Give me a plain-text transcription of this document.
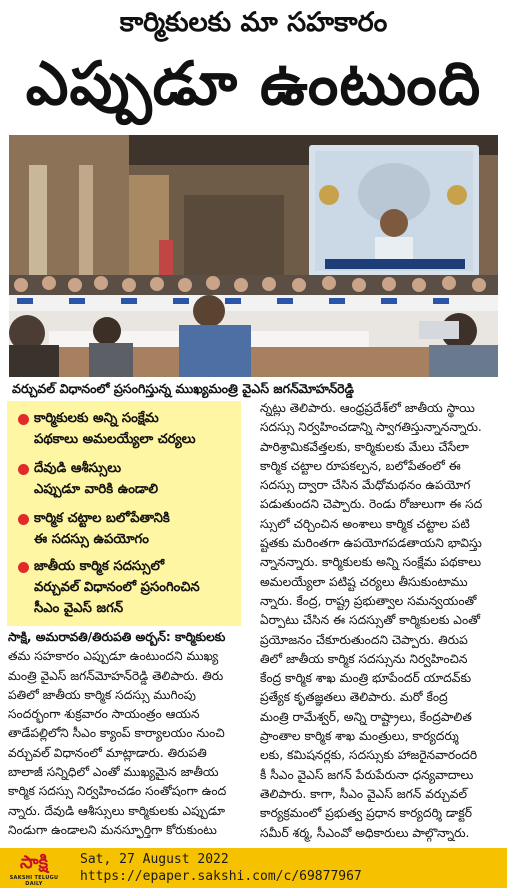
కార్మికులకు మా సహకారం
ఎప్పుడూ ఉంటుంది
వర్చువల్ విధానంలో ప్రసంగిస్తున్న ముఖ్యమంత్రి వైఎస్ జగన్‌మోహన్‌రెడ్డి
కార్మికులకు అన్ని సంక్షేమ
పథకాలు అమలయ్యేలా చర్యలు
దేవుడి ఆశీస్సులు
ఎప్పుడూ వారికి ఉండాలి
కార్మిక చట్టాల బలోపేతానికి
ఈ సదస్సు ఉపయోగం
జాతీయ కార్మిక సదస్సులో
వర్చువల్ విధానంలో ప్రసంగించిన
సీఎం వైఎస్ జగన్
సాక్షి, అమరావతి/తిరుపతి అర్బన్: కార్మికులకు
తమ సహకారం ఎప్పుడూ ఉంటుందని ముఖ్య
మంత్రి వైఎస్ జగన్‌మోహన్‌రెడ్డి తెలిపారు. తిరు
పతిలో జాతీయ కార్మిక సదస్సు ముగింపు
సందర్భంగా శుక్రవారం సాయంత్రం ఆయన
తాడేపల్లిలోని సీఎం క్యాంప్ కార్యాలయం నుంచి
వర్చువల్ విధానంలో మాట్లాడారు. తిరుపతి
బాలాజీ సన్నిధిలో ఎంతో ముఖ్యమైన జాతీయ
కార్మిక సదస్సు నిర్వహించడం సంతోషంగా ఉంద
న్నారు. దేవుడి ఆశీస్సులు కార్మికులకు ఎప్పుడూ
నిండుగా ఉండాలని మనస్ఫూర్తిగా కోరుకుంటు
న్నట్లు తెలిపారు. ఆంధ్రప్రదేశ్‌లో జాతీయ స్థాయి
సదస్సు నిర్వహించడాన్ని స్వాగతిస్తున్నానన్నారు.
పారిశ్రామికవేత్తలకు, కార్మికులకు మేలు చేసేలా
కార్మిక చట్టాల రూపకల్పన, బలోపేతంలో ఈ
సదస్సు ద్వారా చేసిన మేధోమథనం ఉపయోగ
పడుతుందని చెప్పారు. రెండు రోజులుగా ఈ సద
స్సులో చర్చించిన అంశాలు కార్మిక చట్టాల పటి
ష్టతకు మరింతగా ఉపయోగపడతాయని భావిస్తు
న్నానన్నారు. కార్మికులకు అన్ని సంక్షేమ పథకాలు
అమలయ్యేలా పటిష్ట చర్యలు తీసుకుంటాము
న్నారు. కేంద్ర, రాష్ట్ర ప్రభుత్వాల సమన్వయంతో
ఏర్పాటు చేసిన ఈ సదస్సుతో కార్మికులకు ఎంతో
ప్రయోజనం చేకూరుతుందని చెప్పారు. తిరుప
తిలో జాతీయ కార్మిక సదస్సును నిర్వహించిన
కేంద్ర కార్మిక శాఖ మంత్రి భూపేందర్ యాదవ్‌కు
ప్రత్యేక కృతజ్ఞతలు తెలిపారు. మరో కేంద్ర
మంత్రి రామేశ్వర్, అన్ని రాష్ట్రాలు, కేంద్రపాలిత
ప్రాంతాల కార్మిక శాఖ మంత్రులు, కార్యదర్శు
లకు, కమిషనర్లకు, సదస్సుకు హాజరైనవారందరి
కీ సీఎం వైఎస్ జగన్ పేరుపేరునా ధన్యవాదాలు
తెలిపారు. కాగా, సీఎం వైఎస్ జగన్ వర్చువల్
కార్యక్రమంలో ప్రభుత్వ ప్రధాన కార్యదర్శి డాక్టర్
సమీర్ శర్మ, సీఎంవో అధికారులు పాల్గొన్నారు.
సాక్షి
SAKSHI TELUGU DAILY
Sat, 27 August 2022
https://epaper.sakshi.com/c/69877967
